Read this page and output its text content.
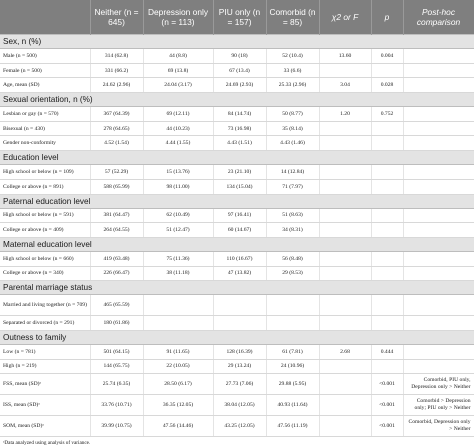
	Neither (n = 645)	Depression only (n = 113)	PIU only (n = 157)	Comorbid (n = 85)	χ2 or F	p	Post-hoc comparison
Sex, n (%)							
Male (n = 500)	314 (62.8)	44 (8.8)	90 (18)	52 (10.4)	13.60	0.004	
Female (n = 500)	331 (66.2)	69 (13.8)	67 (13.4)	33 (6.6)			
Age, mean (SD)	24.62 (2.96)	24.04 (3.17)	24.69 (2.93)	25.33 (2.96)	3.04	0.028	
Sexual orientation, n (%)							
Lesbian or gay (n = 570)	367 (64.39)	69 (12.11)	84 (14.74)	50 (8.77)	1.20	0.752	
Bisexual (n = 430)	278 (64.65)	44 (10.23)	73 (16.98)	35 (8.14)			
Gender non-conformity	4.52 (1.54)	4.44 (1.55)	4.43 (1.51)	4.43 (1.46)			
Education level							
High school or below (n = 109)	57 (52.29)	15 (13.76)	23 (21.10)	14 (12.84)			
College or above (n = 891)	588 (65.99)	98 (11.00)	134 (15.04)	71 (7.97)			
Paternal education level							
High school or below (n = 591)	381 (64.47)	62 (10.49)	97 (16.41)	51 (8.63)			
College or above (n = 409)	264 (64.55)	51 (12.47)	60 (14.67)	34 (8.31)			
Maternal education level							
High school or below (n = 660)	419 (63.48)	75 (11.36)	110 (16.67)	56 (8.48)			
College or above (n = 340)	226 (66.47)	38 (11.18)	47 (13.82)	29 (8.53)			
Parental marriage status							
Married and living together (n = 709)	465 (65.59)						
Separated or divorced (n = 291)	180 (61.86)						
Outness to family							
Low (n = 781)	501 (64.15)	91 (11.65)	128 (16.39)	61 (7.81)	2.68	0.444	
High (n = 219)	144 (65.75)	22 (10.05)	29 (13.24)	24 (10.96)			
FSS, mean (SD)ᵃ	25.74 (6.35)	28.50 (6.17)	27.73 (7.06)	29.88 (5.95)		<0.001	Comorbid, PIU only, Depression only > Neither
ISS, mean (SD)ᵃ	33.76 (10.71)	36.35 (12.05)	38.04 (12.05)	40.93 (11.64)		<0.001	Comorbid > Depression only; PIU only > Neither
SOM, mean (SD)ᵃ	39.99 (10.75)	47.56 (14.46)	43.25 (12.05)	47.56 (11.19)		<0.001	Comorbid, Depression only > Neither
ᵃData analyzed using analysis of variance.
